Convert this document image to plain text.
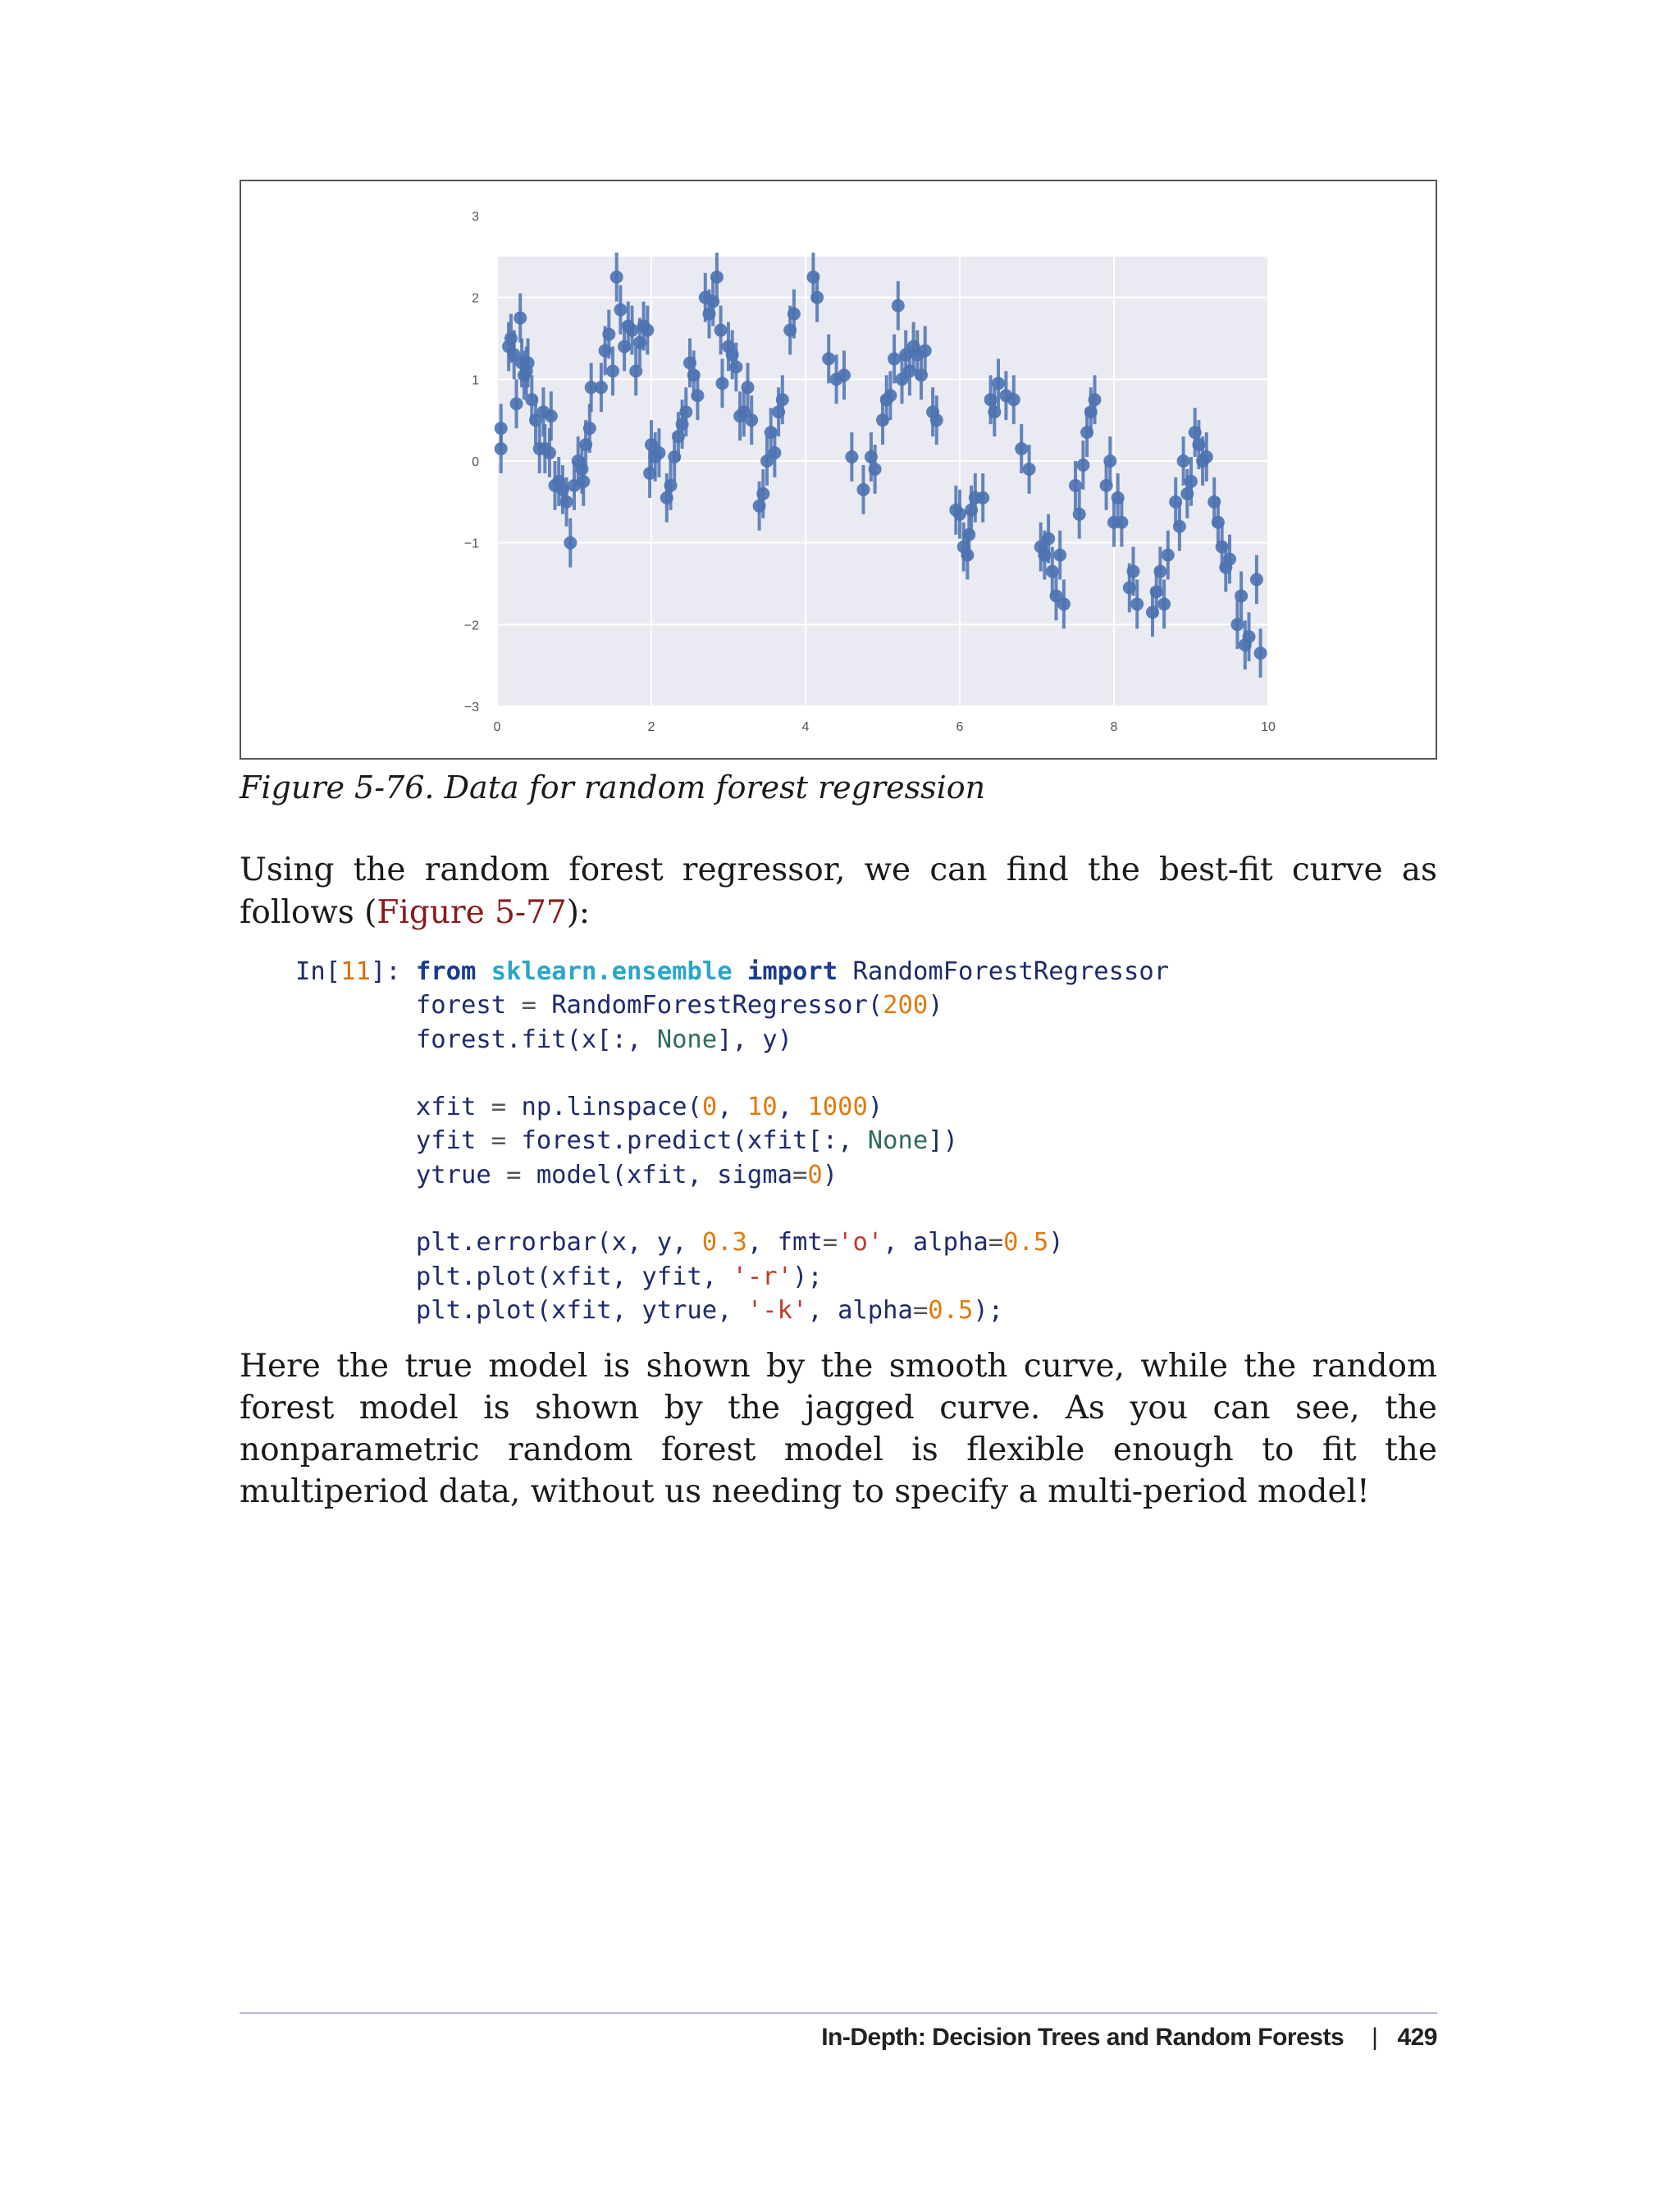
3
2
1
0
−1
−2
−3
0	2	4	6	8	10
Figure 5-76. Data for random forest regression
Using the random forest regressor, we can find the best-fit curve as follows (Figure 5-77):
In[11]: from sklearn.ensemble import RandomForestRegressor
forest = RandomForestRegressor(200)
forest.fit(x[:, None], y)

xfit = np.linspace(0, 10, 1000)
yfit = forest.predict(xfit[:, None])
ytrue = model(xfit, sigma=0)

plt.errorbar(x, y, 0.3, fmt='o', alpha=0.5)
plt.plot(xfit, yfit, '-r');
plt.plot(xfit, ytrue, '-k', alpha=0.5);
Here the true model is shown by the smooth curve, while the random forest model is shown by the jagged curve. As you can see, the nonparametric random forest model is flexible enough to fit the multiperiod data, without us needing to specify a multi-period model!
In-Depth: Decision Trees and Random Forests | 429
